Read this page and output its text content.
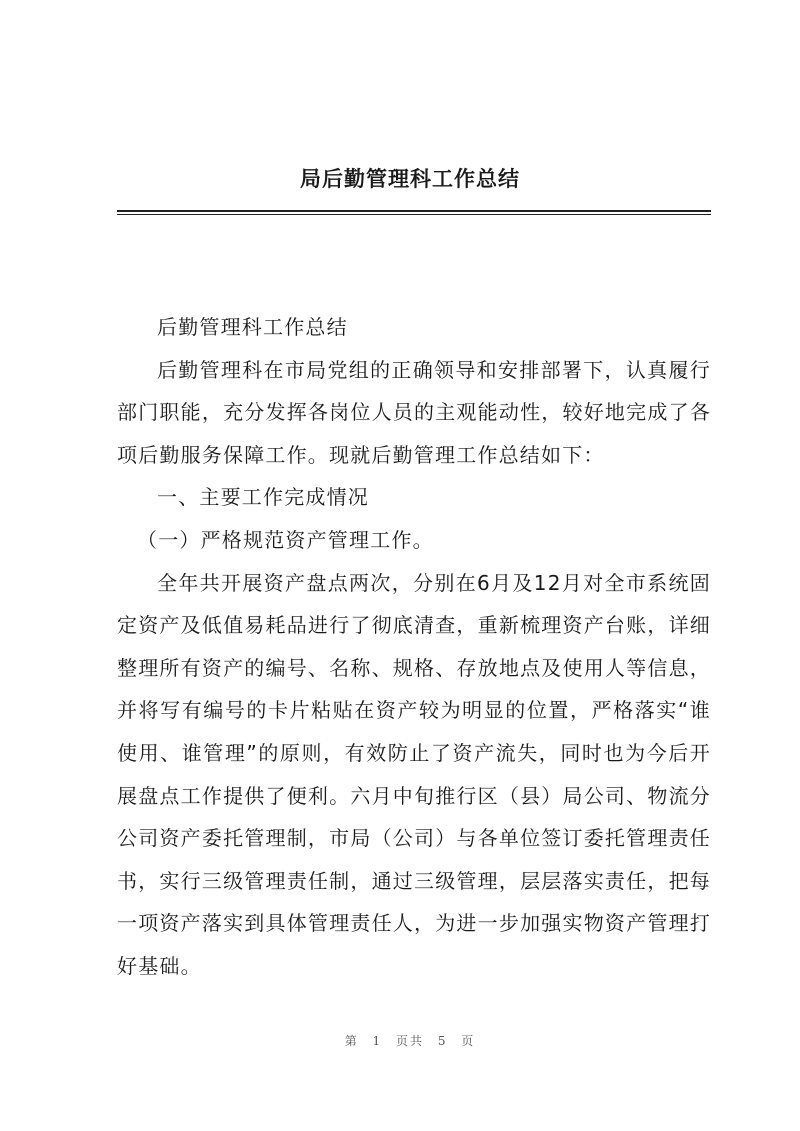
局后勤管理科工作总结

后勤管理科工作总结

后勤管理科在市局党组的正确领导和安排部署下，认真履行部门职能，充分发挥各岗位人员的主观能动性，较好地完成了各项后勤服务保障工作。现就后勤管理工作总结如下：

一、主要工作完成情况

（一）严格规范资产管理工作。

全年共开展资产盘点两次，分别在6月及12月对全市系统固定资产及低值易耗品进行了彻底清查，重新梳理资产台账，详细整理所有资产的编号、名称、规格、存放地点及使用人等信息，并将写有编号的卡片粘贴在资产较为明显的位置，严格落实“谁使用、谁管理”的原则，有效防止了资产流失，同时也为今后开展盘点工作提供了便利。六月中旬推行区（县）局公司、物流分公司资产委托管理制，市局（公司）与各单位签订委托管理责任书，实行三级管理责任制，通过三级管理，层层落实责任，把每一项资产落实到具体管理责任人，为进一步加强实物资产管理打好基础。

第 1 页共 5 页
